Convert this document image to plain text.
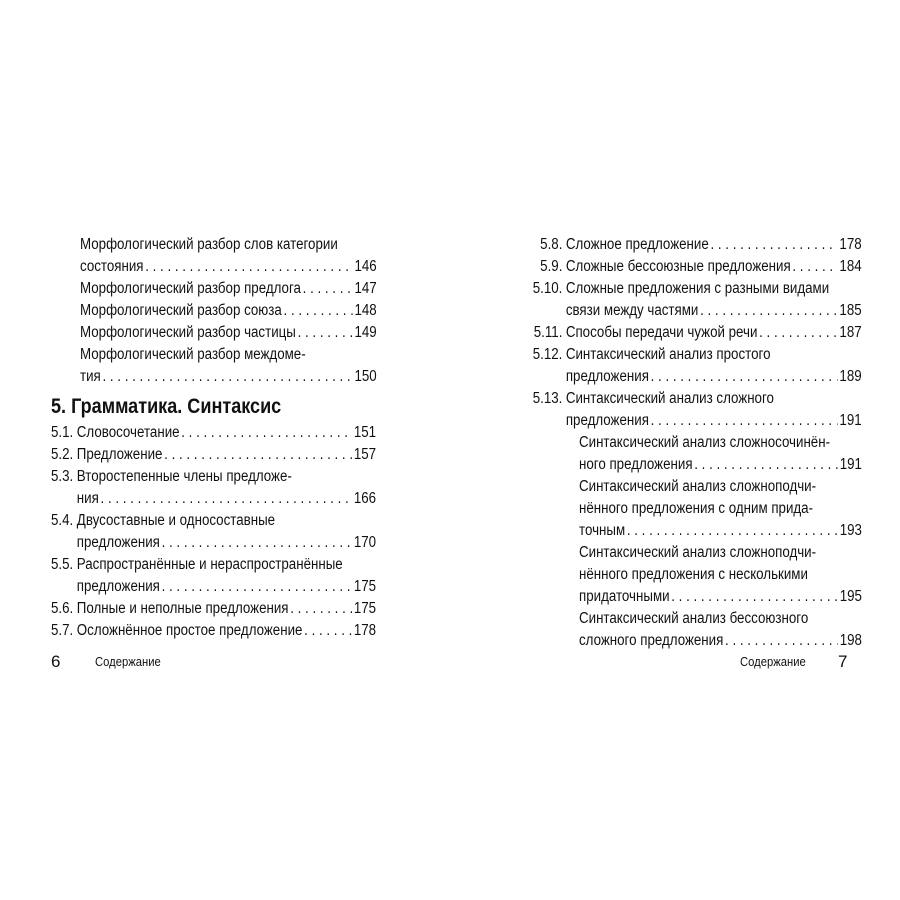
Морфологический разбор слов категории
состояния . . .	146
Морфологический разбор предлога . . .	147
Морфологический разбор союза . . .	148
Морфологический разбор частицы . . .	149
Морфологический разбор междоме-
тия . . .	150
5. Грамматика. Синтаксис
5.1. Словосочетание . . .	151
5.2. Предложение . . .	157
5.3. Второстепенные члены предложе-
ния . . .	166
5.4. Двусоставные и односоставные
предложения . . .	170
5.5. Распространённые и нераспространённые
предложения . . .	175
5.6. Полные и неполные предложения . . .	175
5.7. Осложнённое простое предложение . . .	178
6	Содержание
5.8. Сложное предложение . . .	178
5.9. Сложные бессоюзные предложения . . .	184
5.10. Сложные предложения с разными видами
связи между частями . . .	185
5.11. Способы передачи чужой речи . . .	187
5.12. Синтаксический анализ простого
предложения . . .	189
5.13. Синтаксический анализ сложного
предложения . . .	191
Синтаксический анализ сложносочинён-
ного предложения . . .	191
Синтаксический анализ сложноподчи-
нённого предложения с одним прида-
точным . . .	193
Синтаксический анализ сложноподчи-
нённого предложения с несколькими
придаточными . . .	195
Синтаксический анализ бессоюзного
сложного предложения . . .	198
Содержание 7
